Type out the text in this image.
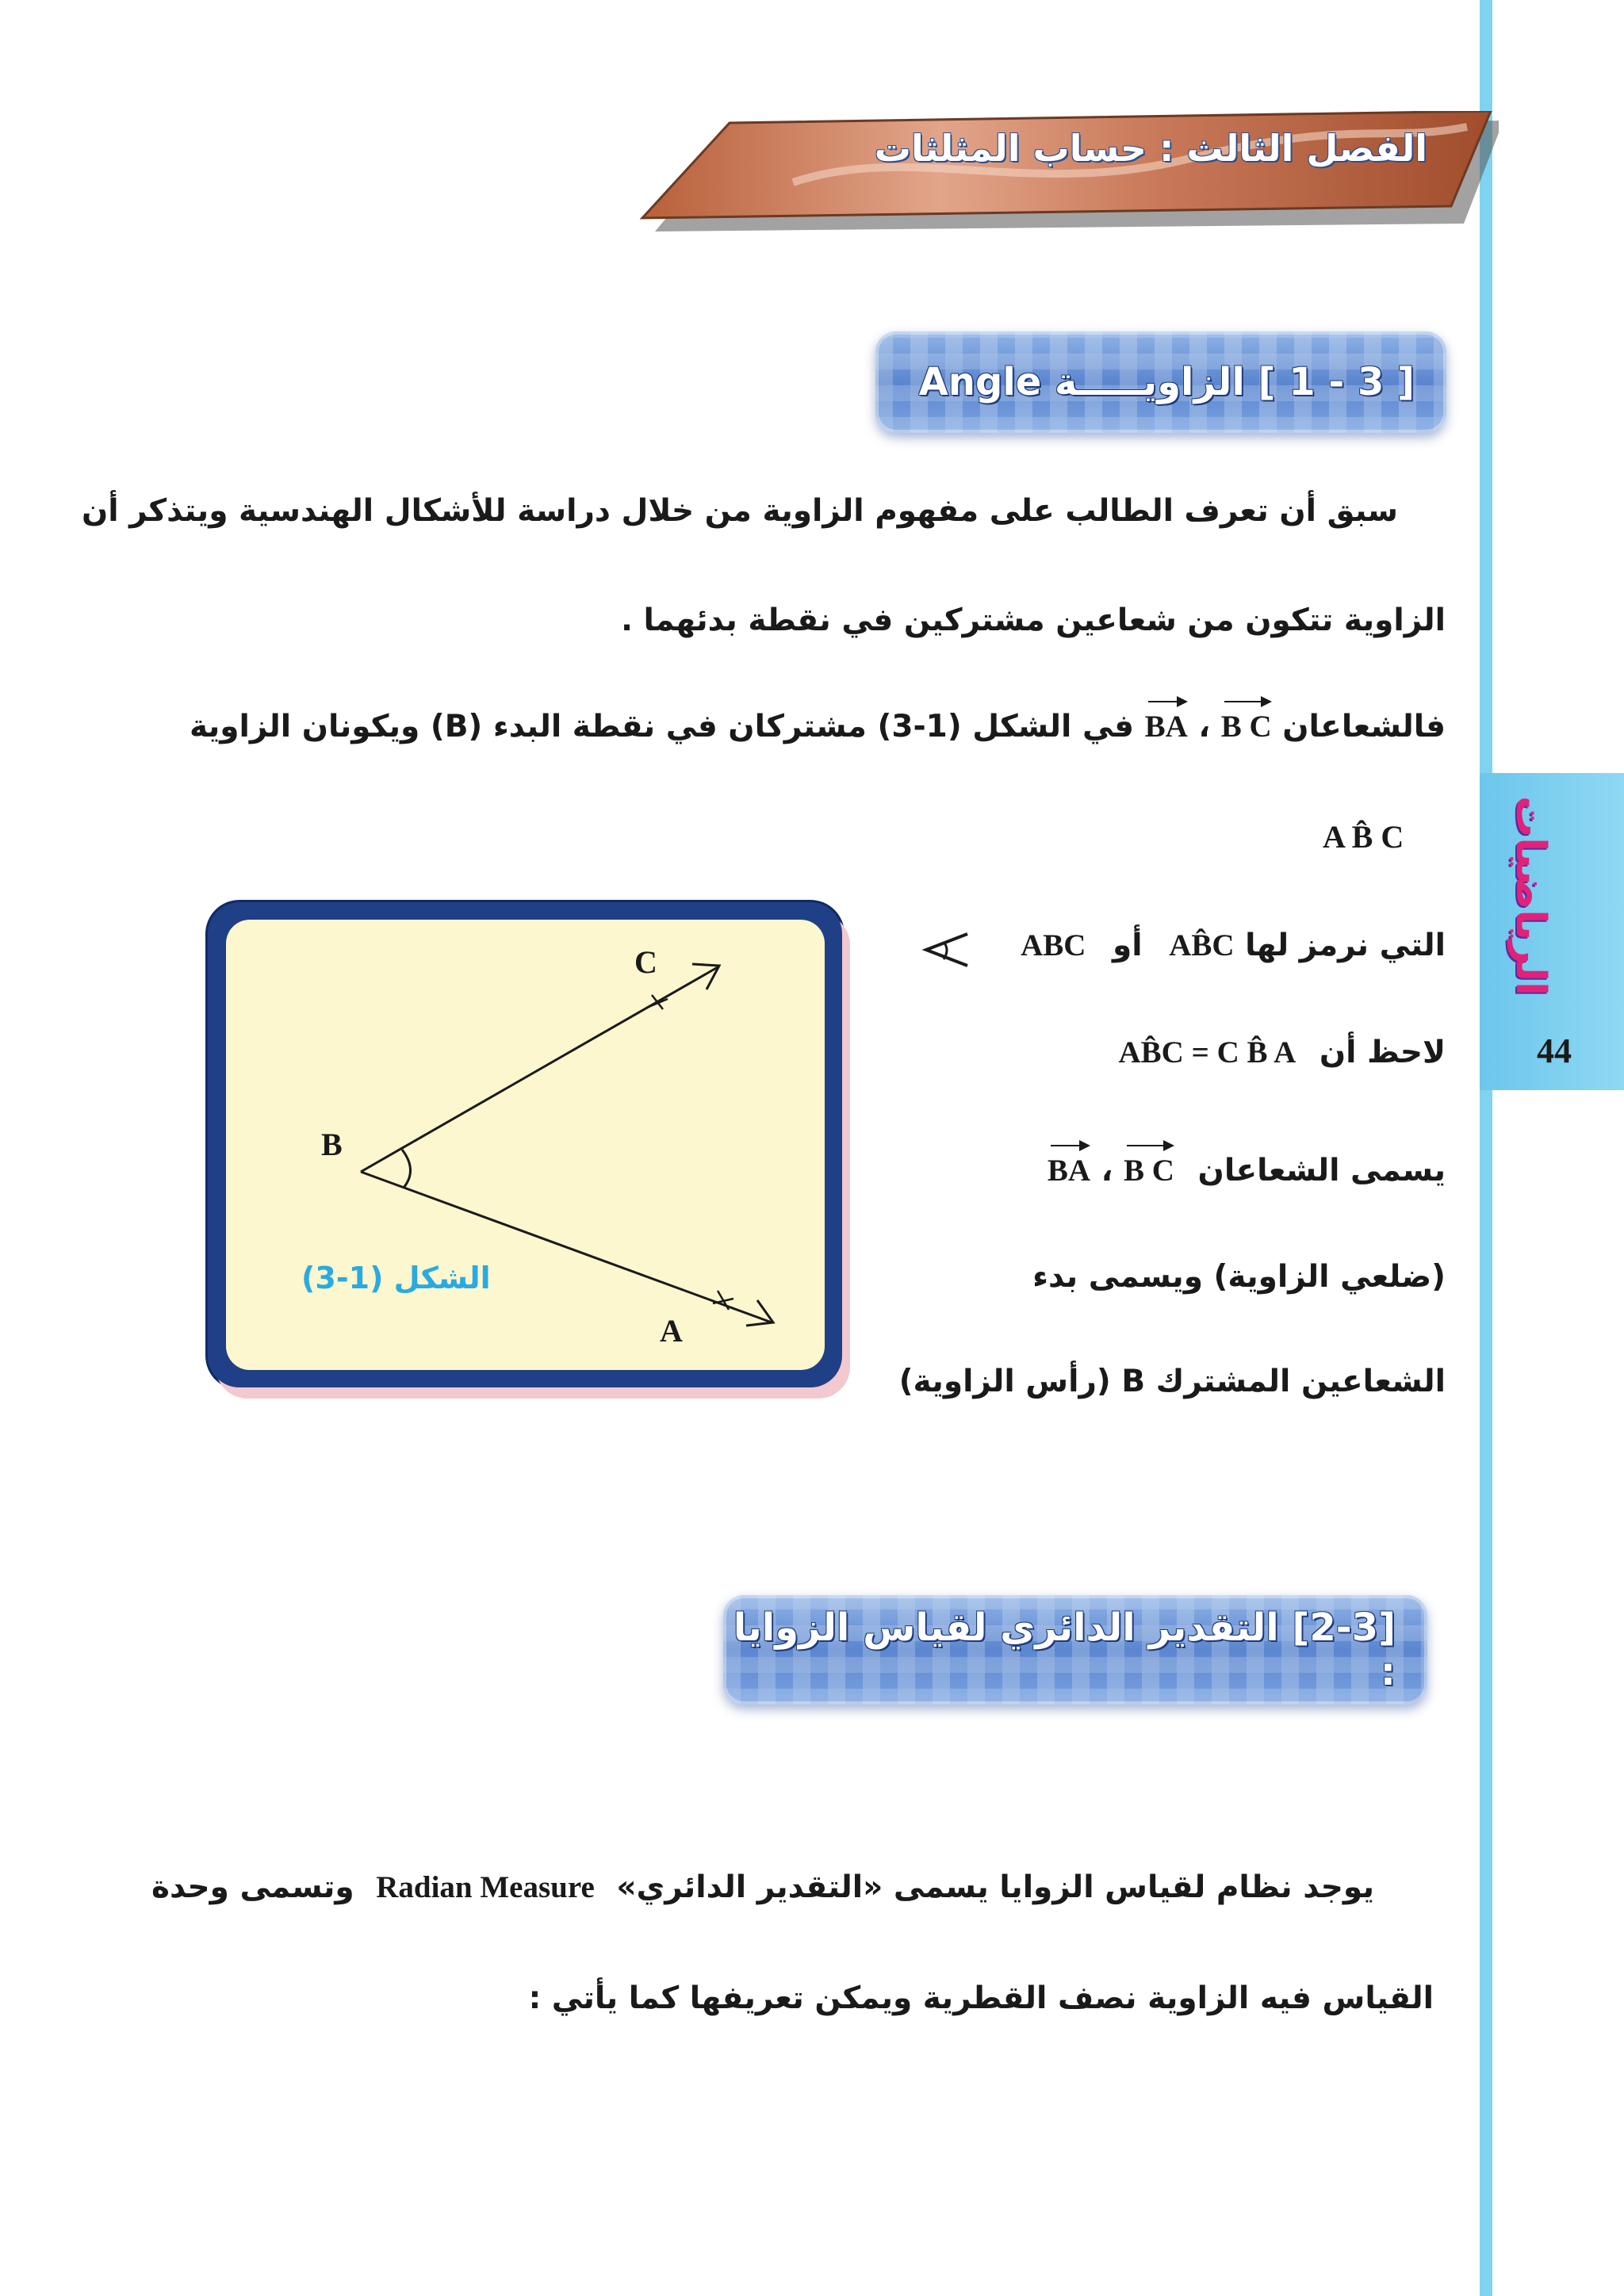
الرياضيات
44
الفصل الثالث : حساب المثلثات
[ 3 - 1 ] الزاويـــــة Angle
سبق أن تعرف الطالب على مفهوم الزاوية من خلال دراسة للأشكال الهندسية ويتذكر أن
الزاوية تتكون من شعاعين مشتركين في نقطة بدئهما .
فالشعاعان B C ، BA في الشكل (1-3) مشتركان في نقطة البدء (B) ويكونان الزاوية
A B̂ C
التي نرمز لها AB̂C أو ABC
لاحظ أن AB̂C = C B̂ A
يسمى الشعاعان B C ، BA
(ضلعي الزاوية) ويسمى بدء
الشعاعين المشترك B (رأس الزاوية)
C
B
A
الشكل (1-3)
[2-3] التقدير الدائري لقياس الزوايا :
يوجد نظام لقياس الزوايا يسمى «التقدير الدائري» Radian Measure وتسمى وحدة
القياس فيه الزاوية نصف القطرية ويمكن تعريفها كما يأتي :
